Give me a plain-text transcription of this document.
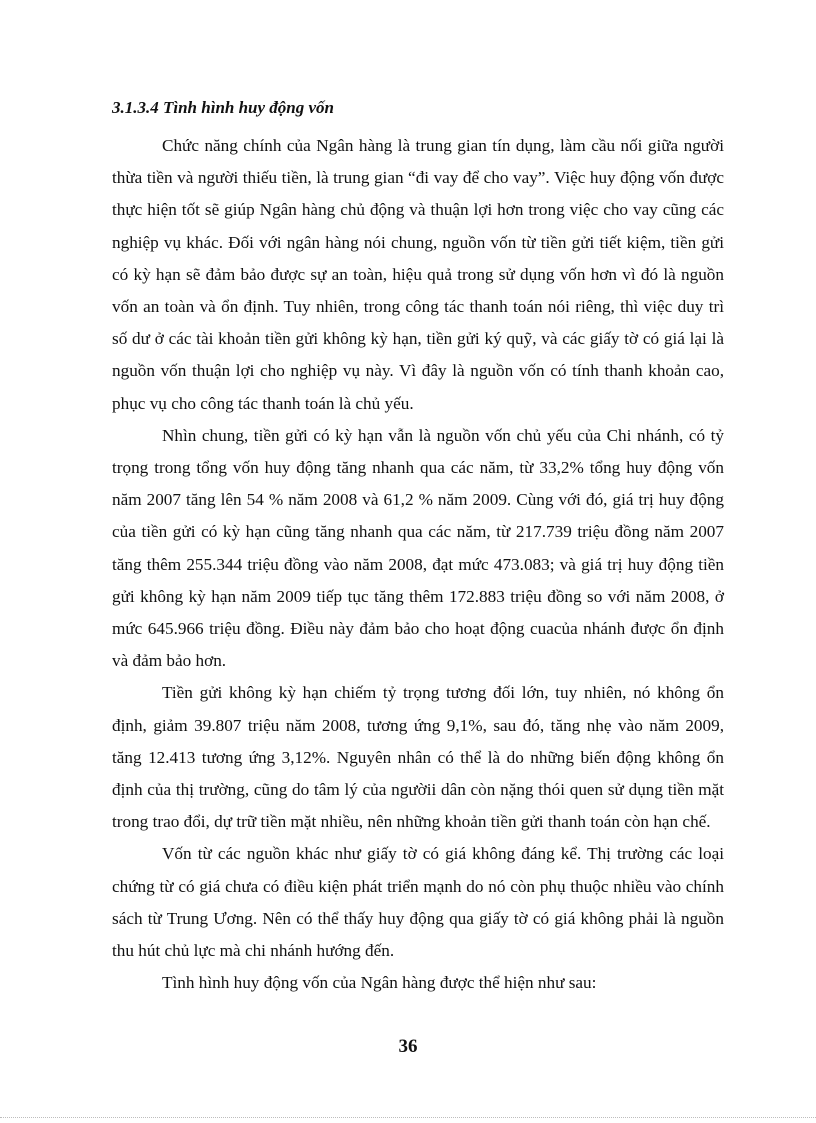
3.1.3.4 Tình hình huy động vốn

Chức năng chính của Ngân hàng là trung gian tín dụng, làm cầu nối giữa người thừa tiền và người thiếu tiền, là trung gian “đi vay để cho vay”. Việc huy động vốn được thực hiện tốt sẽ giúp Ngân hàng chủ động và thuận lợi hơn trong việc cho vay cũng các nghiệp vụ khác. Đối với ngân hàng nói chung, nguồn vốn từ tiền gửi tiết kiệm, tiền gửi có kỳ hạn sẽ đảm bảo được sự an toàn, hiệu quả trong sử dụng vốn hơn vì đó là nguồn vốn an toàn và ổn định. Tuy nhiên, trong công tác thanh toán nói riêng, thì việc duy trì số dư ở các tài khoản tiền gửi không kỳ hạn, tiền gửi ký quỹ, và các giấy tờ có giá lại là nguồn vốn thuận lợi cho nghiệp vụ này. Vì đây là nguồn vốn có tính thanh khoản cao, phục vụ cho công tác thanh toán là chủ yếu.

Nhìn chung, tiền gửi có kỳ hạn vẫn là nguồn vốn chủ yếu của Chi nhánh, có tỷ trọng trong tổng vốn huy động tăng nhanh qua các năm, từ 33,2% tổng huy động vốn năm 2007 tăng lên 54 % năm 2008 và 61,2 % năm 2009. Cùng với đó, giá trị huy động của tiền gửi có kỳ hạn cũng tăng nhanh qua các năm, từ 217.739 triệu đồng năm 2007 tăng thêm 255.344 triệu đồng vào năm 2008, đạt mức 473.083; và giá trị huy động tiền gửi không kỳ hạn năm 2009 tiếp tục tăng thêm 172.883 triệu đồng so với năm 2008, ở mức 645.966 triệu đồng. Điều này đảm bảo cho hoạt động cuacủa nhánh được ổn định và đảm bảo hơn.

Tiền gửi không kỳ hạn chiếm tỷ trọng tương đối lớn, tuy nhiên, nó không ổn định, giảm 39.807 triệu năm 2008, tương ứng 9,1%, sau đó, tăng nhẹ vào năm 2009, tăng 12.413 tương ứng 3,12%. Nguyên nhân có thể là do những biến động không ổn định của thị trường, cũng do tâm lý của ngườii dân còn nặng thói quen sử dụng tiền mặt trong trao đổi, dự trữ tiền mặt nhiều, nên những khoản tiền gửi thanh toán còn hạn chế.

Vốn từ các nguồn khác như giấy tờ có giá không đáng kể. Thị trường các loại chứng từ có giá chưa có điều kiện phát triển mạnh do nó còn phụ thuộc nhiều vào chính sách từ Trung Ương. Nên có thể thấy huy động qua giấy tờ có giá không phải là nguồn thu hút chủ lực mà chi nhánh hướng đến.

Tình hình huy động vốn của Ngân hàng được thể hiện như sau:

36
